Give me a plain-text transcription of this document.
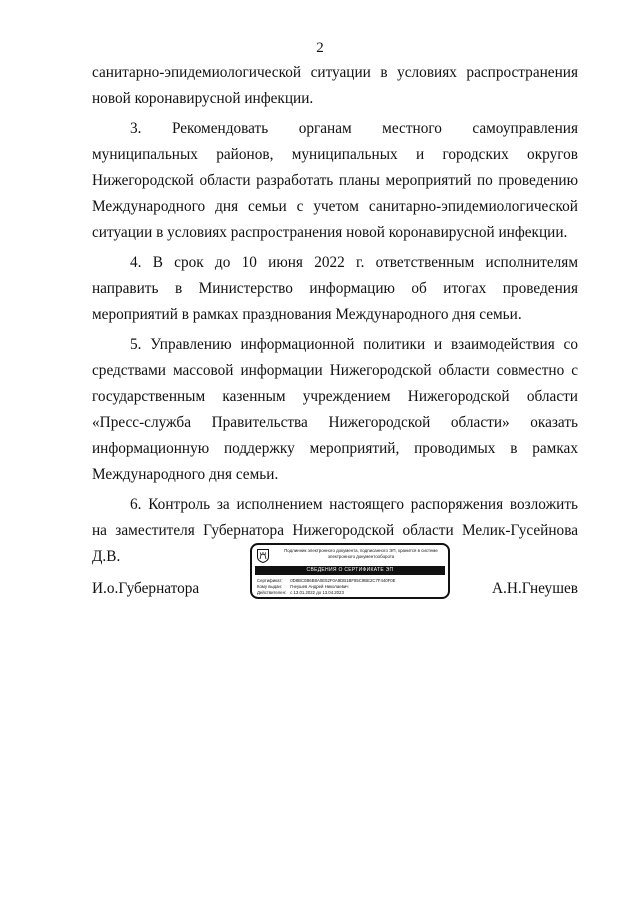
2

санитарно-эпидемиологической ситуации в условиях распространения новой коронавирусной инфекции.

3. Рекомендовать органам местного самоуправления муниципальных районов, муниципальных и городских округов Нижегородской области разработать планы мероприятий по проведению Международного дня семьи с учетом санитарно-эпидемиологической ситуации в условиях распространения новой коронавирусной инфекции.

4. В срок до 10 июня 2022 г. ответственным исполнителям направить в Министерство информацию об итогах проведения мероприятий в рамках празднования Международного дня семьи.

5. Управлению информационной политики и взаимодействия со средствами массовой информации Нижегородской области совместно с государственным казенным учреждением Нижегородской области «Пресс-служба Правительства Нижегородской области» оказать информационную поддержку мероприятий, проводимых в рамках Международного дня семьи.

6. Контроль за исполнением настоящего распоряжения возложить на заместителя Губернатора Нижегородской области Мелик-Гусейнова Д.В.

И.о.Губернатора
Подлинник электронного документа, подписанного ЭП, хранится в системе электронного документооборота
СВЕДЕНИЯ О СЕРТИФИКАТЕ ЭП
Сертификат: 0D8BC0B6B8A0E52F0A9DB1BF85C9BE2C7F440F0E
Кому выдан: Гнеушев Андрей Николаевич
Действителен: с 13.01.2022 до 13.04.2023	А.Н.Гнеушев
